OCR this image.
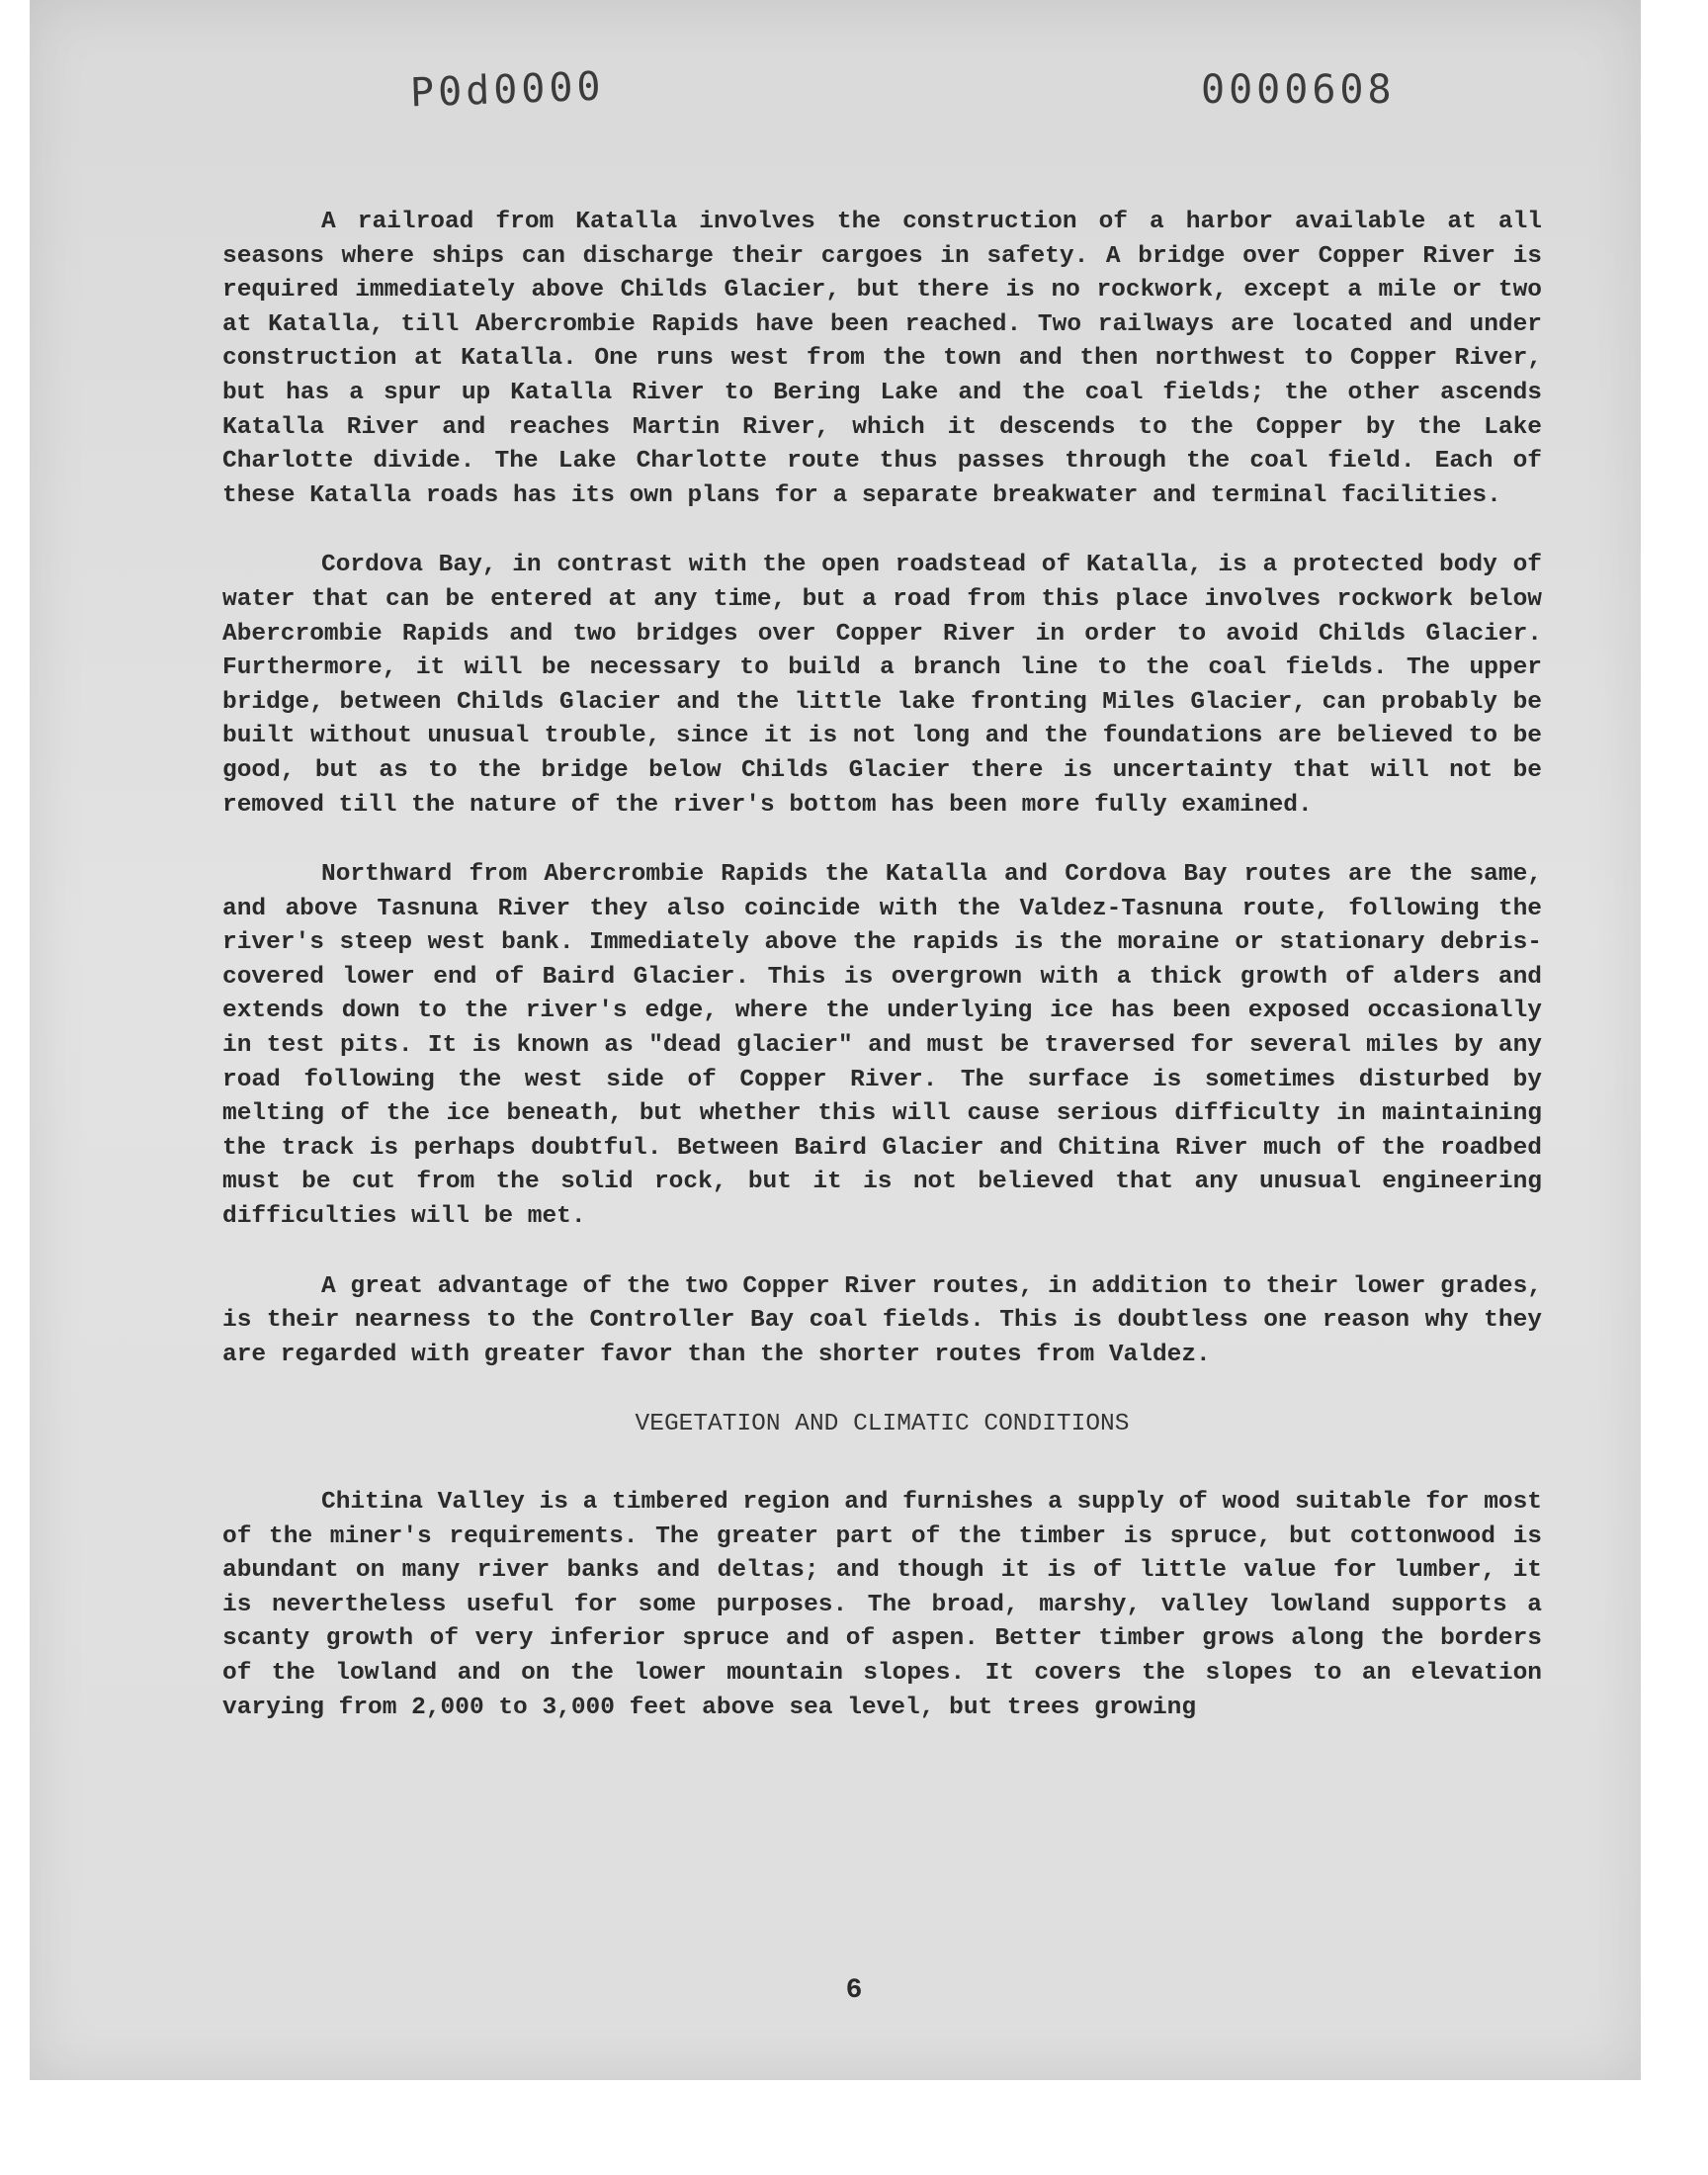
P0d0000	0000608

A railroad from Katalla involves the construction of a harbor available at all seasons where ships can discharge their cargoes in safety. A bridge over Copper River is required immediately above Childs Glacier, but there is no rockwork, except a mile or two at Katalla, till Abercrombie Rapids have been reached. Two railways are located and under construction at Katalla. One runs west from the town and then northwest to Copper River, but has a spur up Katalla River to Bering Lake and the coal fields; the other ascends Katalla River and reaches Martin River, which it descends to the Copper by the Lake Charlotte divide. The Lake Charlotte route thus passes through the coal field. Each of these Katalla roads has its own plans for a separate breakwater and terminal facilities.

Cordova Bay, in contrast with the open roadstead of Katalla, is a protected body of water that can be entered at any time, but a road from this place involves rockwork below Abercrombie Rapids and two bridges over Copper River in order to avoid Childs Glacier. Furthermore, it will be necessary to build a branch line to the coal fields. The upper bridge, between Childs Glacier and the little lake fronting Miles Glacier, can probably be built without unusual trouble, since it is not long and the foundations are believed to be good, but as to the bridge below Childs Glacier there is uncertainty that will not be removed till the nature of the river's bottom has been more fully examined.

Northward from Abercrombie Rapids the Katalla and Cordova Bay routes are the same, and above Tasnuna River they also coincide with the Valdez-Tasnuna route, following the river's steep west bank. Immediately above the rapids is the moraine or stationary debris-covered lower end of Baird Glacier. This is overgrown with a thick growth of alders and extends down to the river's edge, where the underlying ice has been exposed occasionally in test pits. It is known as "dead glacier" and must be traversed for several miles by any road following the west side of Copper River. The surface is sometimes disturbed by melting of the ice beneath, but whether this will cause serious difficulty in maintaining the track is perhaps doubtful. Between Baird Glacier and Chitina River much of the roadbed must be cut from the solid rock, but it is not believed that any unusual engineering difficulties will be met.

A great advantage of the two Copper River routes, in addition to their lower grades, is their nearness to the Controller Bay coal fields. This is doubtless one reason why they are regarded with greater favor than the shorter routes from Valdez.

VEGETATION AND CLIMATIC CONDITIONS

Chitina Valley is a timbered region and furnishes a supply of wood suitable for most of the miner's requirements. The greater part of the timber is spruce, but cottonwood is abundant on many river banks and deltas; and though it is of little value for lumber, it is nevertheless useful for some purposes. The broad, marshy, valley lowland supports a scanty growth of very inferior spruce and of aspen. Better timber grows along the borders of the lowland and on the lower mountain slopes. It covers the slopes to an elevation varying from 2,000 to 3,000 feet above sea level, but trees growing

6
